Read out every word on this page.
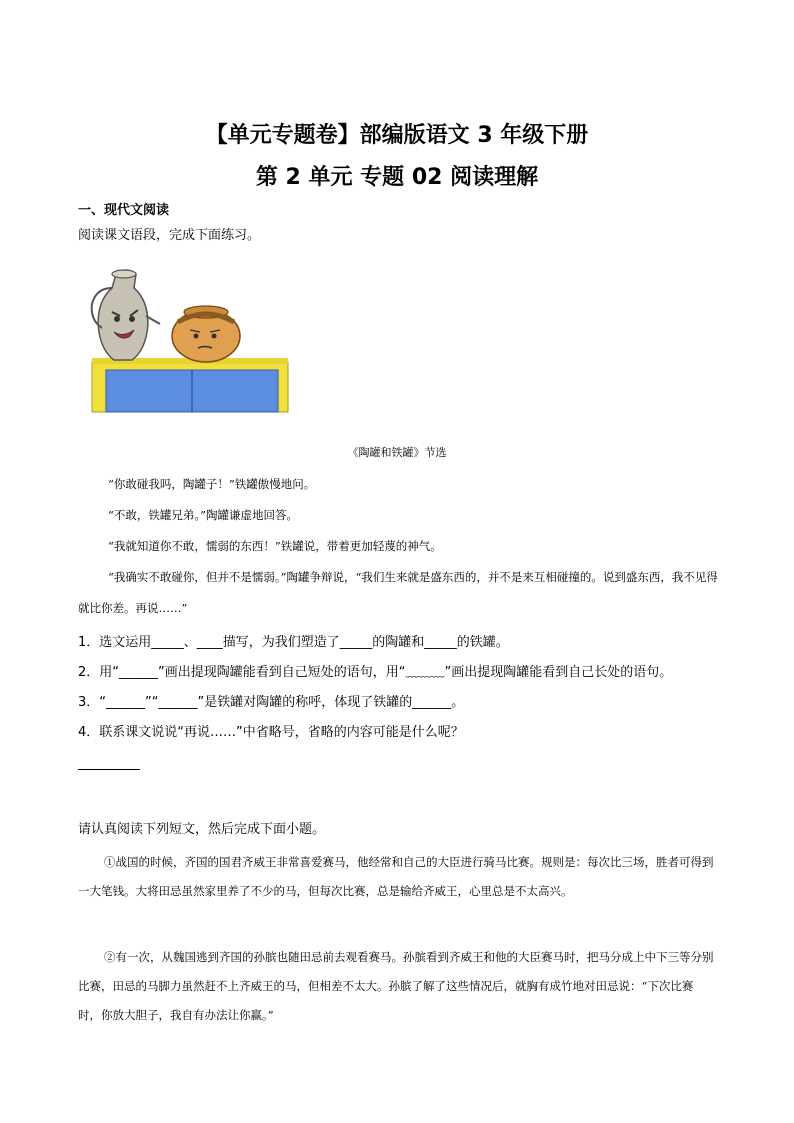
【单元专题卷】部编版语文 3 年级下册
第 2 单元 专题 02 阅读理解
一、现代文阅读
阅读课文语段，完成下面练习。
《陶罐和铁罐》节选
“你敢碰我吗，陶罐子！”铁罐傲慢地问。
“不敢，铁罐兄弟。”陶罐谦虚地回答。
“我就知道你不敢，懦弱的东西！”铁罐说，带着更加轻蔑的神气。
“我确实不敢碰你，但并不是懦弱。”陶罐争辩说，“我们生来就是盛东西的，并不是来互相碰撞的。说到盛东西，我不见得就比你差。再说……”
1．选文运用_____、____描写，为我们塑造了_____的陶罐和_____的铁罐。
2．用“______”画出提现陶罐能看到自己短处的语句，用“﹏﹏﹏”画出提现陶罐能看到自己长处的语句。
3．“______”“______”是铁罐对陶罐的称呼，体现了铁罐的______。
4．联系课文说说“再说……”中省略号，省略的内容可能是什么呢？
请认真阅读下列短文，然后完成下面小题。
①战国的时候，齐国的国君齐威王非常喜爱赛马，他经常和自己的大臣进行骑马比赛。规则是：每次比三场，胜者可得到一大笔钱。大将田忌虽然家里养了不少的马，但每次比赛，总是输给齐威王，心里总是不太高兴。
②有一次，从魏国逃到齐国的孙膑也随田忌前去观看赛马。孙膑看到齐威王和他的大臣赛马时，把马分成上中下三等分别比赛，田忌的马脚力虽然赶不上齐威王的马，但相差不太大。孙膑了解了这些情况后，就胸有成竹地对田忌说：“下次比赛时，你放大胆子，我自有办法让你赢。”
